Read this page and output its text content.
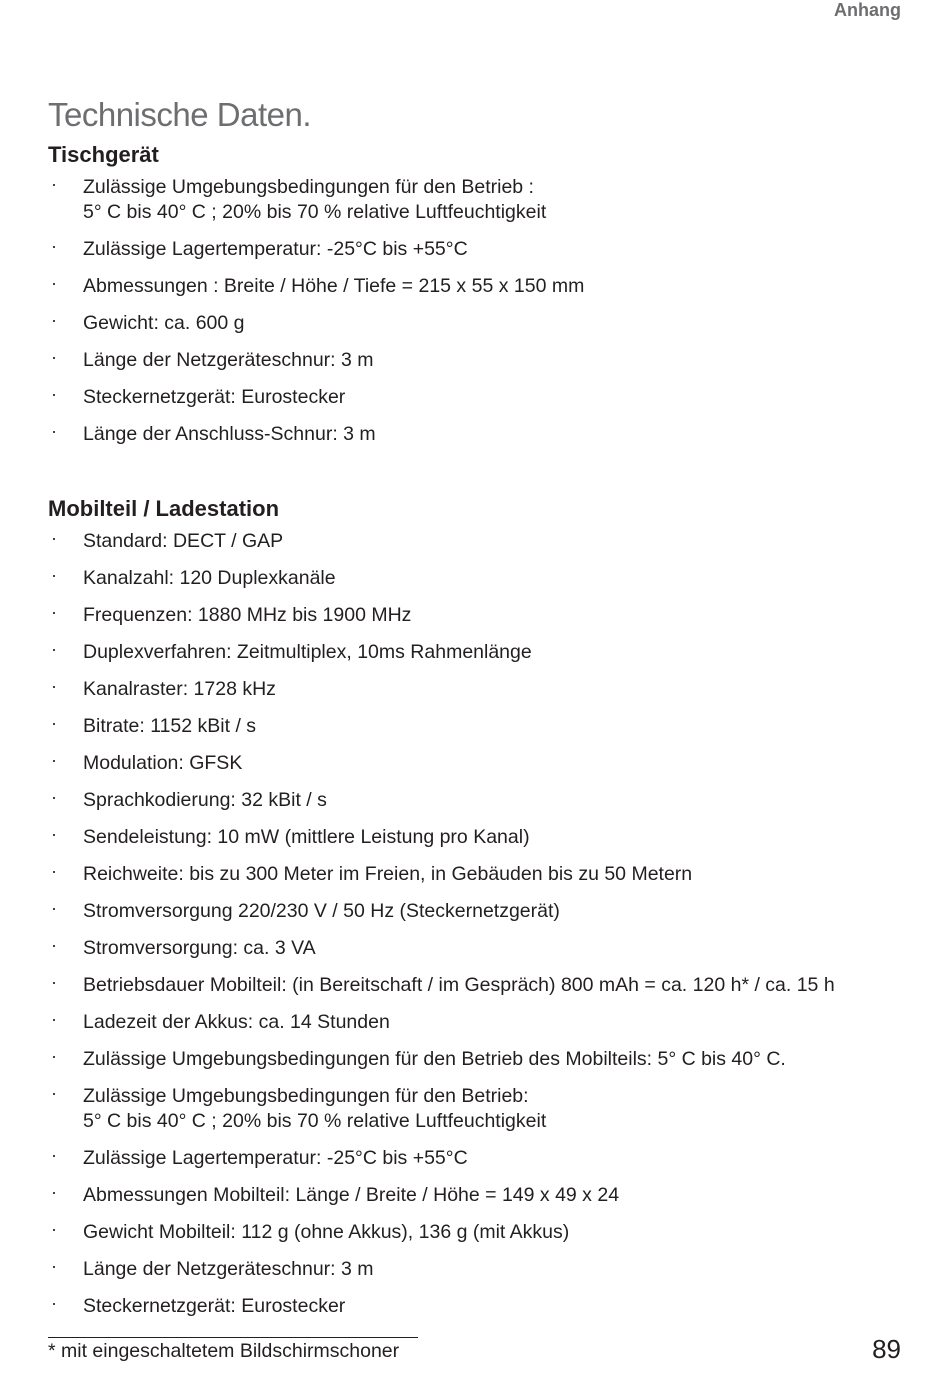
Anhang
Technische Daten.
Tischgerät
· Zulässige Umgebungsbedingungen für den Betrieb :
5° C bis 40° C ; 20% bis 70 % relative Luftfeuchtigkeit
· Zulässige Lagertemperatur: -25°C bis +55°C
· Abmessungen : Breite / Höhe / Tiefe = 215 x 55 x 150 mm
· Gewicht: ca. 600 g
· Länge der Netzgeräteschnur: 3 m
· Steckernetzgerät: Eurostecker
· Länge der Anschluss-Schnur: 3 m
Mobilteil / Ladestation
· Standard: DECT / GAP
· Kanalzahl: 120 Duplexkanäle
· Frequenzen: 1880 MHz bis 1900 MHz
· Duplexverfahren: Zeitmultiplex, 10ms Rahmenlänge
· Kanalraster: 1728 kHz
· Bitrate: 1152 kBit / s
· Modulation: GFSK
· Sprachkodierung: 32 kBit / s
· Sendeleistung: 10 mW (mittlere Leistung pro Kanal)
· Reichweite: bis zu 300 Meter im Freien, in Gebäuden bis zu 50 Metern
· Stromversorgung 220/230 V / 50 Hz (Steckernetzgerät)
· Stromversorgung: ca. 3 VA
· Betriebsdauer Mobilteil: (in Bereitschaft / im Gespräch) 800 mAh = ca. 120 h* / ca. 15 h
· Ladezeit der Akkus: ca. 14 Stunden
· Zulässige Umgebungsbedingungen für den Betrieb des Mobilteils: 5° C bis 40° C.
· Zulässige Umgebungsbedingungen für den Betrieb:
5° C bis 40° C ; 20% bis 70 % relative Luftfeuchtigkeit
· Zulässige Lagertemperatur: -25°C bis +55°C
· Abmessungen Mobilteil: Länge / Breite / Höhe = 149 x 49 x 24
· Gewicht Mobilteil: 112 g (ohne Akkus), 136 g (mit Akkus)
· Länge der Netzgeräteschnur: 3 m
· Steckernetzgerät: Eurostecker
* mit eingeschaltetem Bildschirmschoner	89
